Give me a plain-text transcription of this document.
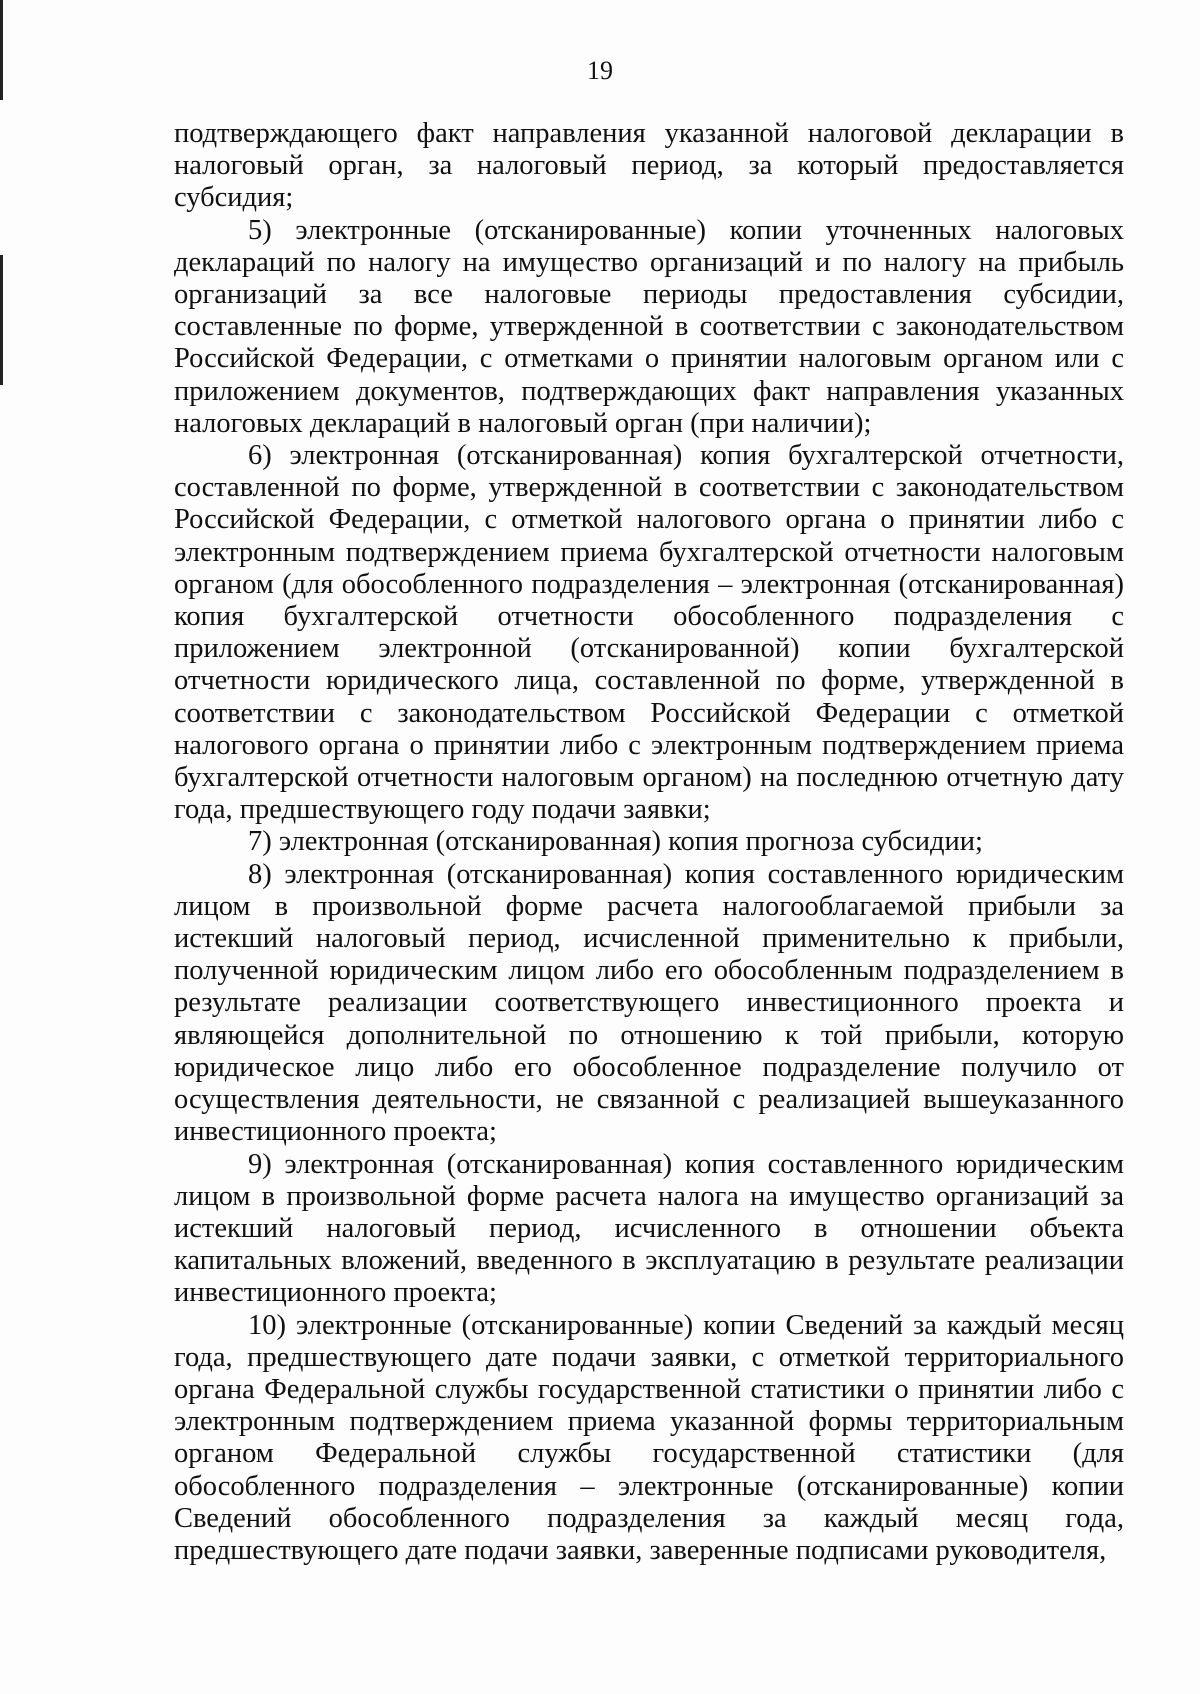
19

подтверждающего факт направления указанной налоговой декларации в налоговый орган, за налоговый период, за который предоставляется субсидия;

5) электронные (отсканированные) копии уточненных налоговых деклараций по налогу на имущество организаций и по налогу на прибыль организаций за все налоговые периоды предоставления субсидии, составленные по форме, утвержденной в соответствии с законодательством Российской Федерации, с отметками о принятии налоговым органом или с приложением документов, подтверждающих факт направления указанных налоговых деклараций в налоговый орган (при наличии);

6) электронная (отсканированная) копия бухгалтерской отчетности, составленной по форме, утвержденной в соответствии с законодательством Российской Федерации, с отметкой налогового органа о принятии либо с электронным подтверждением приема бухгалтерской отчетности налоговым органом (для обособленного подразделения – электронная (отсканированная) копия бухгалтерской отчетности обособленного подразделения с приложением электронной (отсканированной) копии бухгалтерской отчетности юридического лица, составленной по форме, утвержденной в соответствии с законодательством Российской Федерации с отметкой налогового органа о принятии либо с электронным подтверждением приема бухгалтерской отчетности налоговым органом) на последнюю отчетную дату года, предшествующего году подачи заявки;

7) электронная (отсканированная) копия прогноза субсидии;

8) электронная (отсканированная) копия составленного юридическим лицом в произвольной форме расчета налогооблагаемой прибыли за истекший налоговый период, исчисленной применительно к прибыли, полученной юридическим лицом либо его обособленным подразделением в результате реализации соответствующего инвестиционного проекта и являющейся дополнительной по отношению к той прибыли, которую юридическое лицо либо его обособленное подразделение получило от осуществления деятельности, не связанной с реализацией вышеуказанного инвестиционного проекта;

9) электронная (отсканированная) копия составленного юридическим лицом в произвольной форме расчета налога на имущество организаций за истекший налоговый период, исчисленного в отношении объекта капитальных вложений, введенного в эксплуатацию в результате реализации инвестиционного проекта;

10) электронные (отсканированные) копии Сведений за каждый месяц года, предшествующего дате подачи заявки, с отметкой территориального органа Федеральной службы государственной статистики о принятии либо с электронным подтверждением приема указанной формы территориальным органом Федеральной службы государственной статистики (для обособленного подразделения – электронные (отсканированные) копии Сведений обособленного подразделения за каждый месяц года, предшествующего дате подачи заявки, заверенные подписами руководителя,
